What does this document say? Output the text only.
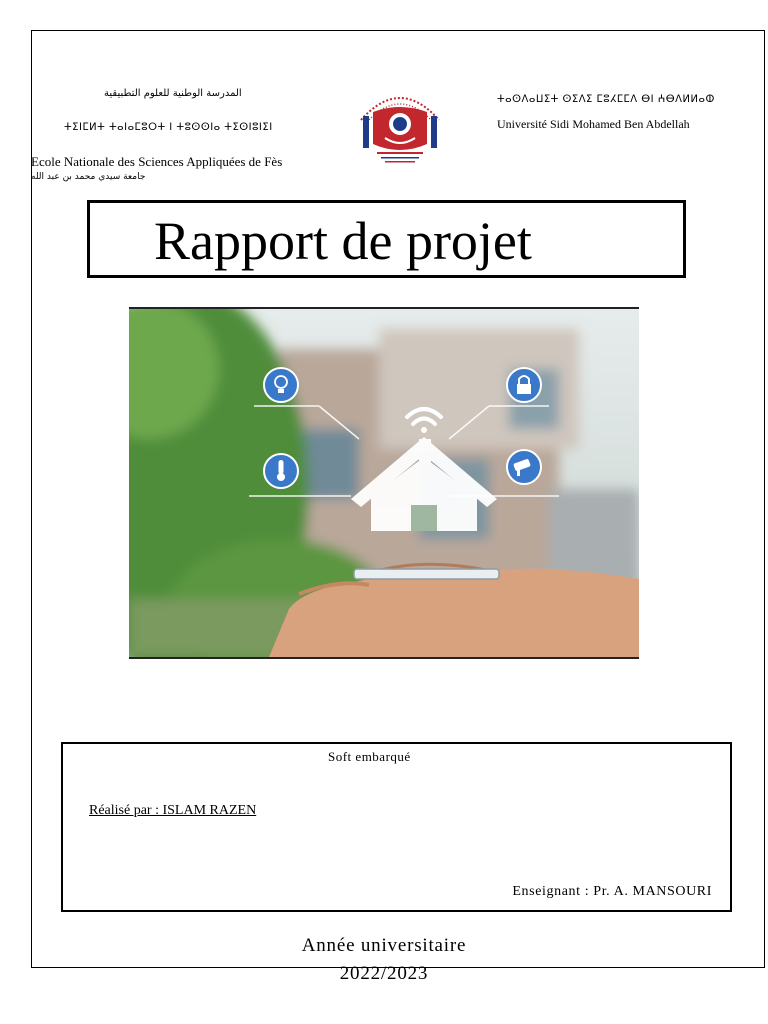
المدرسة الوطنية للعلوم التطبيقية
ⵜⵉⵏⵎⵍⵜ ⵜⴰⵏⴰⵎⵓⵔⵜ ⵏ ⵜⵓⵙⵙⵏⴰ ⵜⵉⵙⵏⵓⵏⵉⵏ
Ecole Nationale des Sciences Appliquées de Fès
جامعة سيدي محمد بن عبد الله
ⵜⴰⵙⴷⴰⵡⵉⵜ ⵙⵉⴷⵉ ⵎⵓⵃⵎⵎⴷ ⴱⵏ ⵄⴱⴷⵍⵍⴰⵀ
Université Sidi Mohamed Ben Abdellah
Rapport de projet
Soft embarqué
Réalisé par : ISLAM RAZEN
Enseignant : Pr. A. MANSOURI
Année universitaire
2022/2023
